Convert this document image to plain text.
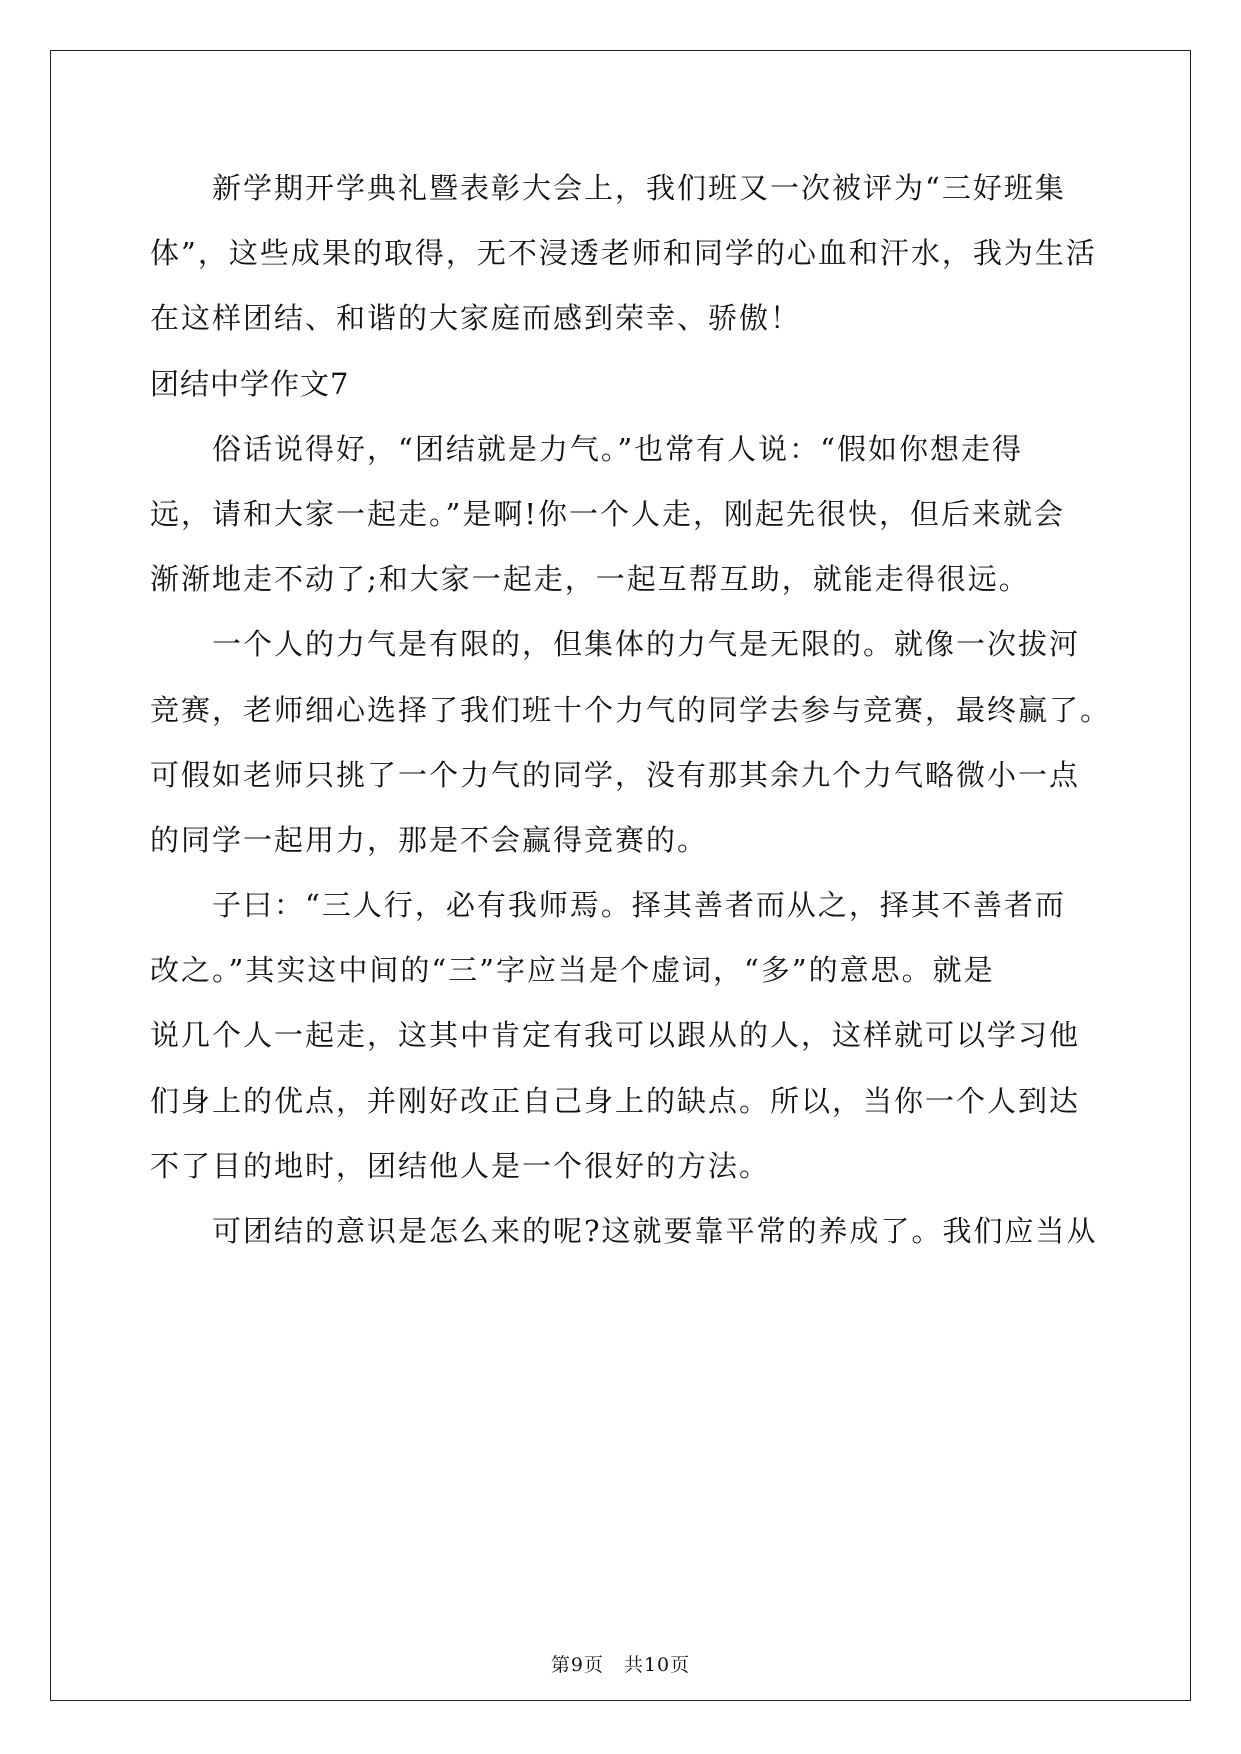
新学期开学典礼暨表彰大会上，我们班又一次被评为“三好班集
体”，这些成果的取得，无不浸透老师和同学的心血和汗水，我为生活
在这样团结、和谐的大家庭而感到荣幸、骄傲！
团结中学作文7
俗话说得好，“团结就是力气。”也常有人说：“假如你想走得
远，请和大家一起走。”是啊!你一个人走，刚起先很快，但后来就会
渐渐地走不动了;和大家一起走，一起互帮互助，就能走得很远。
一个人的力气是有限的，但集体的力气是无限的。就像一次拔河
竞赛，老师细心选择了我们班十个力气的同学去参与竞赛，最终赢了。
可假如老师只挑了一个力气的同学，没有那其余九个力气略微小一点
的同学一起用力，那是不会赢得竞赛的。
子曰：“三人行，必有我师焉。择其善者而从之，择其不善者而
改之。”其实这中间的“三”字应当是个虚词，“多”的意思。就是
说几个人一起走，这其中肯定有我可以跟从的人，这样就可以学习他
们身上的优点，并刚好改正自己身上的缺点。所以，当你一个人到达
不了目的地时，团结他人是一个很好的方法。
可团结的意识是怎么来的呢?这就要靠平常的养成了。我们应当从
第9页　共10页
